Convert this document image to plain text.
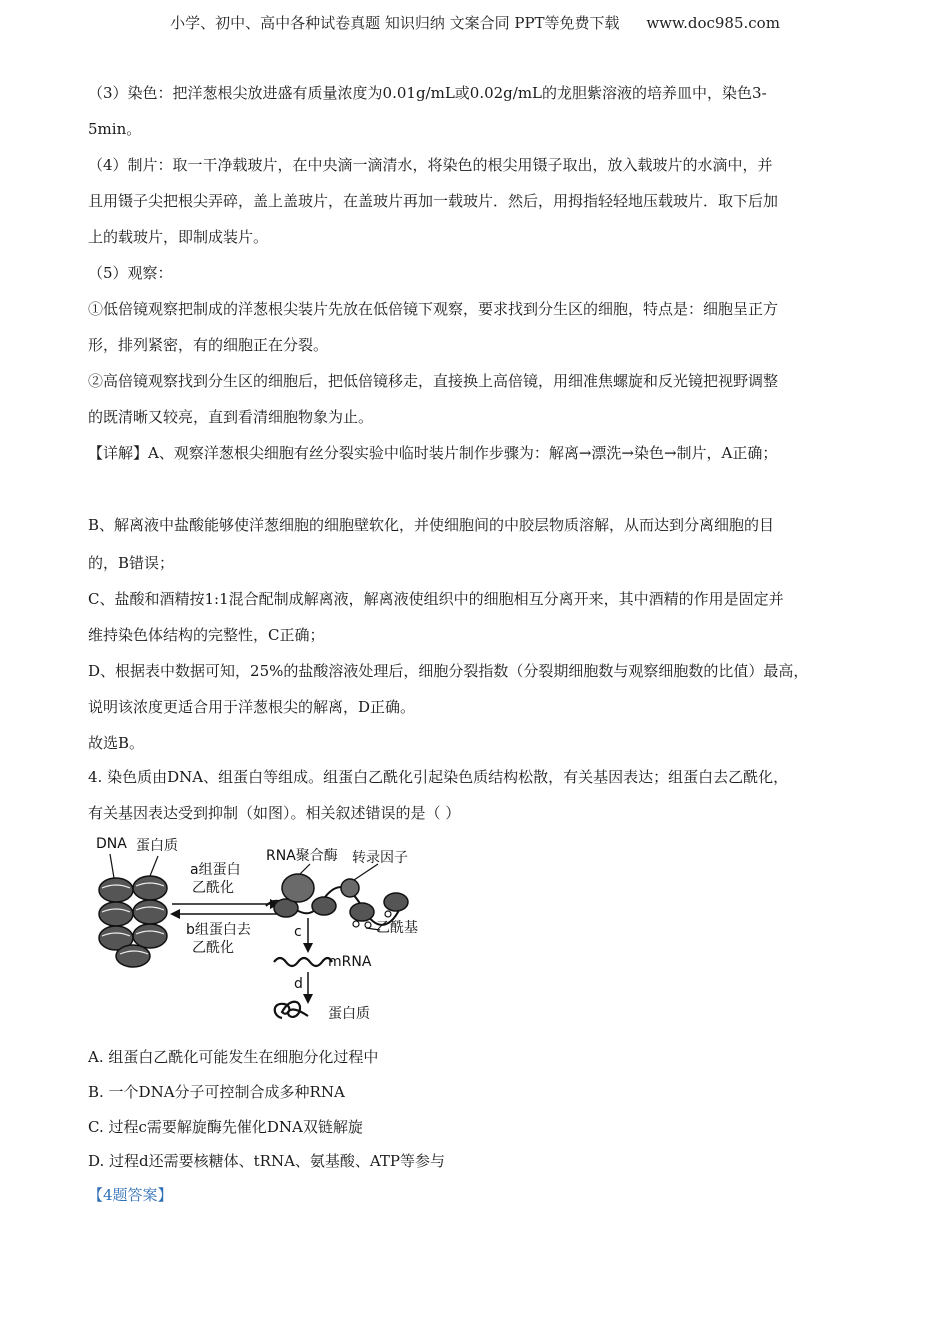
小学、初中、高中各种试卷真题 知识归纳 文案合同 PPT等免费下载 www.doc985.com
（3）染色：把洋葱根尖放进盛有质量浓度为0.01g/mL或0.02g/mL的龙胆紫溶液的培养皿中，染色3-
5min。
（4）制片：取一干净载玻片，在中央滴一滴清水，将染色的根尖用镊子取出，放入载玻片的水滴中，并
且用镊子尖把根尖弄碎，盖上盖玻片，在盖玻片再加一载玻片．然后，用拇指轻轻地压载玻片．取下后加
上的载玻片，即制成装片。
（5）观察：
①低倍镜观察把制成的洋葱根尖装片先放在低倍镜下观察，要求找到分生区的细胞，特点是：细胞呈正方
形，排列紧密，有的细胞正在分裂。
②高倍镜观察找到分生区的细胞后，把低倍镜移走，直接换上高倍镜，用细准焦螺旋和反光镜把视野调整
的既清晰又较亮，直到看清细胞物象为止。
【详解】A、观察洋葱根尖细胞有丝分裂实验中临时装片制作步骤为：解离→漂洗→染色→制片，A正确；
B、解离液中盐酸能够使洋葱细胞的细胞壁软化，并使细胞间的中胶层物质溶解，从而达到分离细胞的目
的，B错误；
C、盐酸和酒精按1:1混合配制成解离液，解离液使组织中的细胞相互分离开来，其中酒精的作用是固定并
维持染色体结构的完整性，C正确；
D、根据表中数据可知，25%的盐酸溶液处理后，细胞分裂指数（分裂期细胞数与观察细胞数的比值）最高，
说明该浓度更适合用于洋葱根尖的解离，D正确。
故选B。
4. 染色质由DNA、组蛋白等组成。组蛋白乙酰化引起染色质结构松散，有关基因表达；组蛋白去乙酰化，
有关基因表达受到抑制（如图）。相关叙述错误的是（ ）
DNA 蛋白质
a组蛋白
乙酰化
b组蛋白去
乙酰化
RNA聚合酶 转录因子
乙酰基
c
mRNA
d
蛋白质
A. 组蛋白乙酰化可能发生在细胞分化过程中
B. 一个DNA分子可控制合成多种RNA
C. 过程c需要解旋酶先催化DNA双链解旋
D. 过程d还需要核糖体、tRNA、氨基酸、ATP等参与
【4题答案】
